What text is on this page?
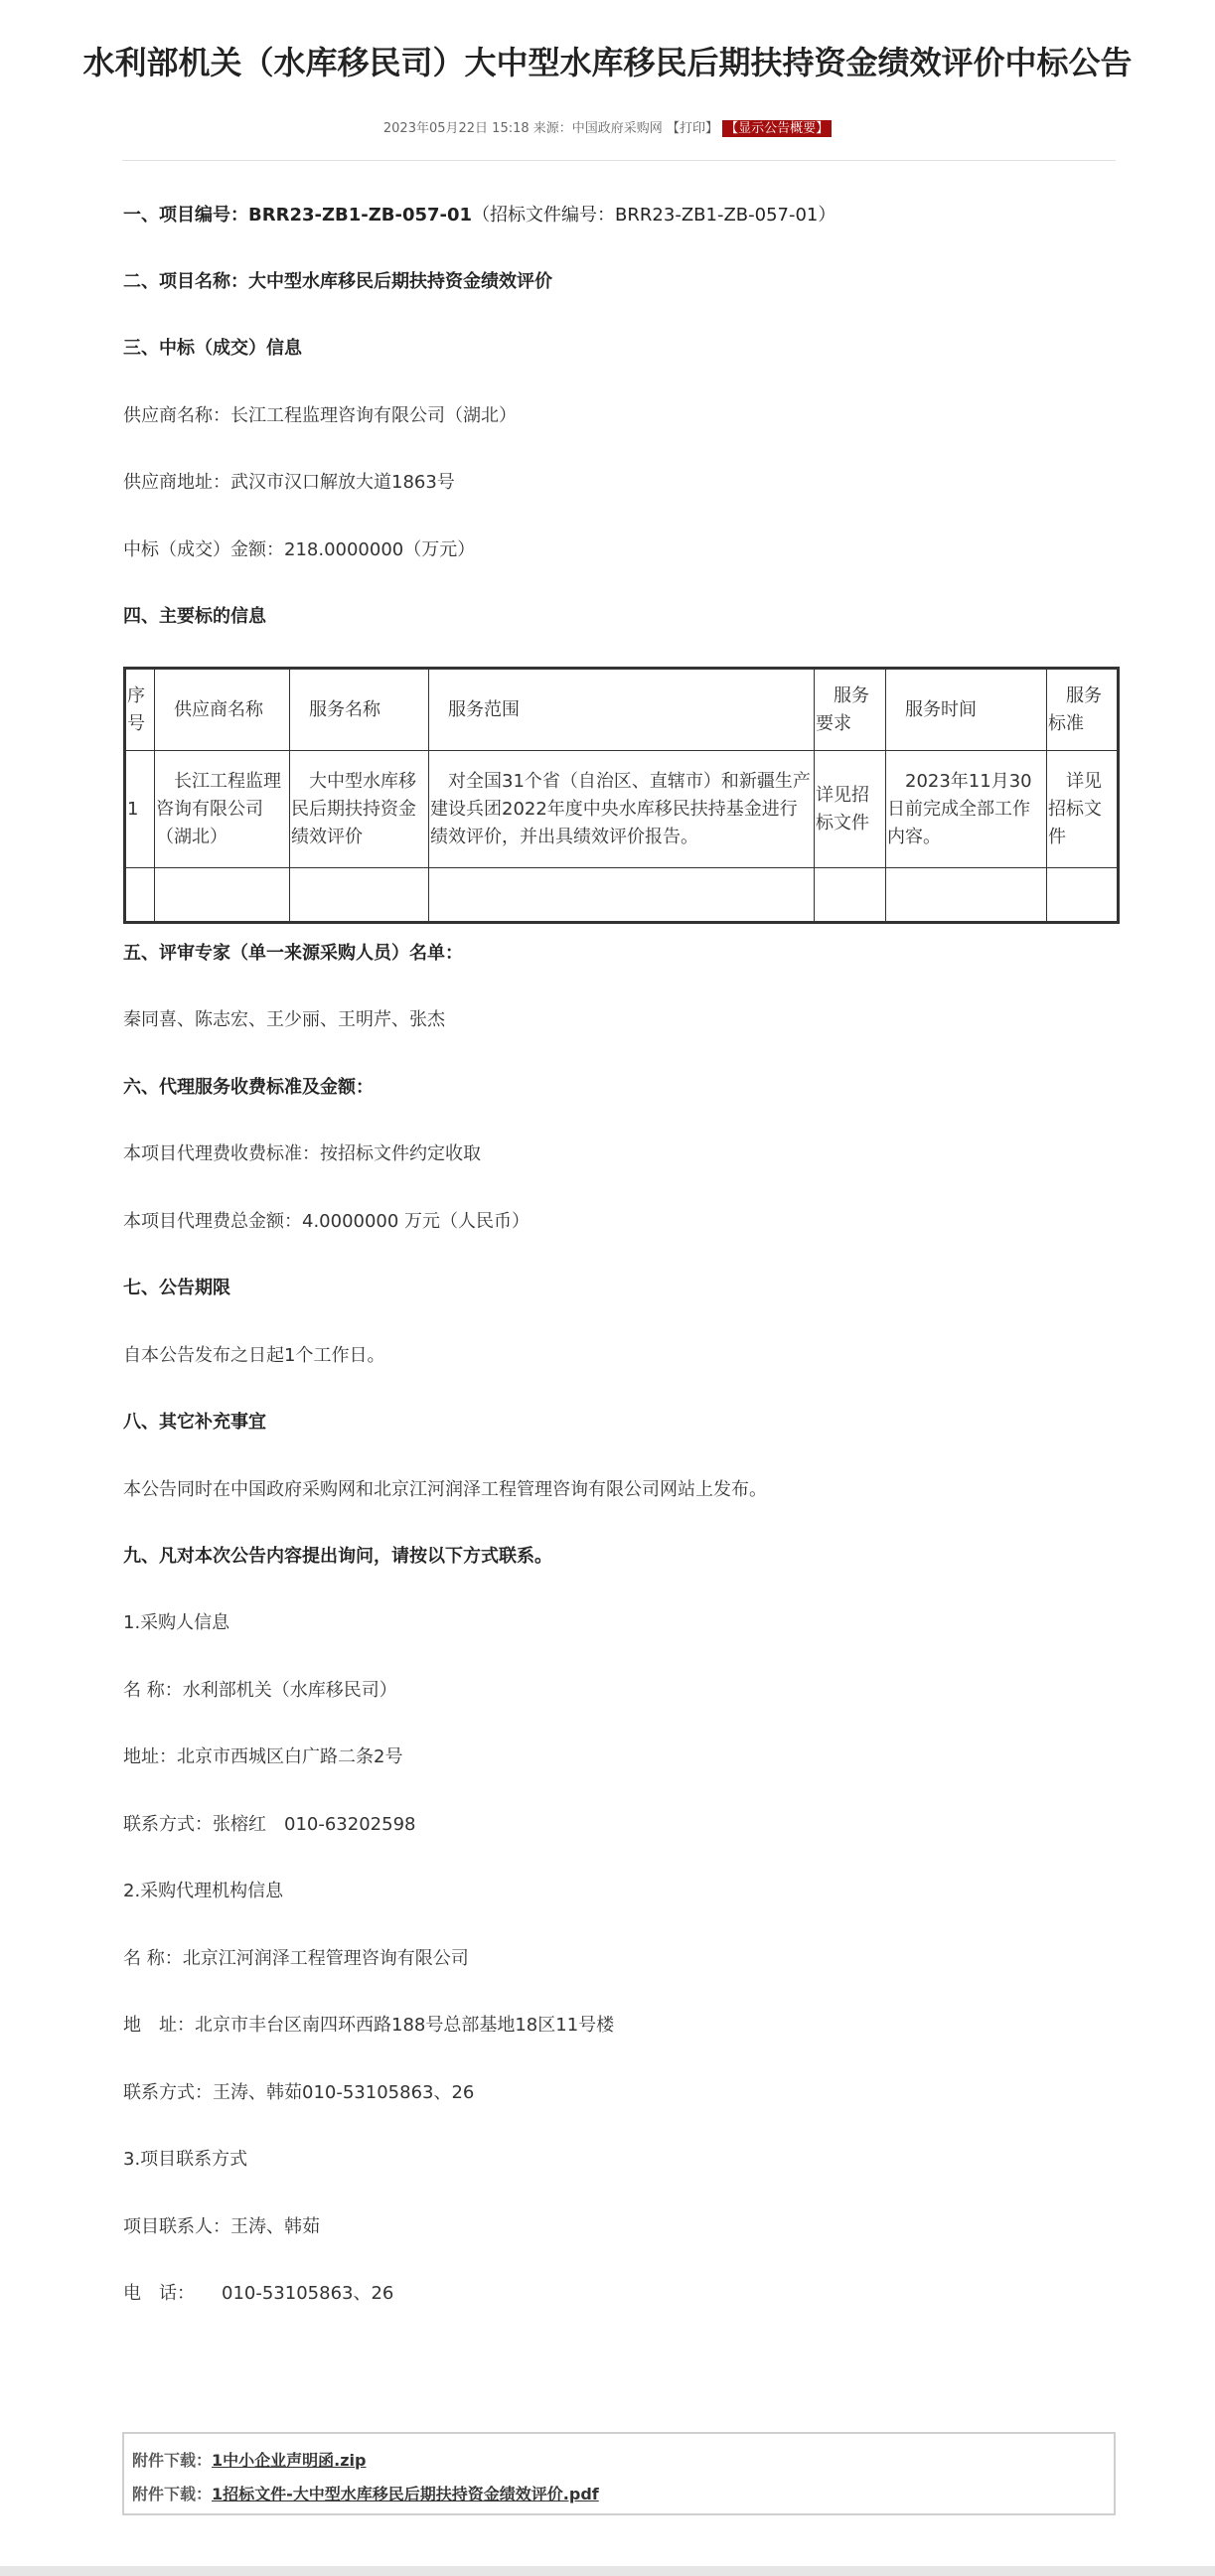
水利部机关（水库移民司）大中型水库移民后期扶持资金绩效评价中标公告
2023年05月22日 15:18 来源：中国政府采购网 【打印】 【显示公告概要】
一、项目编号：BRR23-ZB1-ZB-057-01（招标文件编号：BRR23-ZB1-ZB-057-01）
二、项目名称：大中型水库移民后期扶持资金绩效评价
三、中标（成交）信息
供应商名称：长江工程监理咨询有限公司（湖北）
供应商地址：武汉市汉口解放大道1863号
中标（成交）金额：218.0000000（万元）
四、主要标的信息
序号	供应商名称	服务名称	服务范围	服务要求	服务时间	服务标准
1	长江工程监理咨询有限公司（湖北）	大中型水库移民后期扶持资金绩效评价	对全国31个省（自治区、直辖市）和新疆生产建设兵团2022年度中央水库移民扶持基金进行绩效评价，并出具绩效评价报告。	详见招标文件	2023年11月30日前完成全部工作内容。	详见招标文件

五、评审专家（单一来源采购人员）名单：
秦同喜、陈志宏、王少丽、王明芹、张杰
六、代理服务收费标准及金额：
本项目代理费收费标准：按招标文件约定收取
本项目代理费总金额：4.0000000 万元（人民币）
七、公告期限
自本公告发布之日起1个工作日。
八、其它补充事宜
本公告同时在中国政府采购网和北京江河润泽工程管理咨询有限公司网站上发布。
九、凡对本次公告内容提出询问，请按以下方式联系。
1.采购人信息
名 称：水利部机关（水库移民司）
地址：北京市西城区白广路二条2号
联系方式：张榕红　010-63202598
2.采购代理机构信息
名 称：北京江河润泽工程管理咨询有限公司
地　址：北京市丰台区南四环西路188号总部基地18区11号楼
联系方式：王涛、韩茹010-53105863、26
3.项目联系方式
项目联系人：王涛、韩茹
电　话：　　010-53105863、26
附件下载：1中小企业声明函.zip
附件下载：1招标文件-大中型水库移民后期扶持资金绩效评价.pdf
